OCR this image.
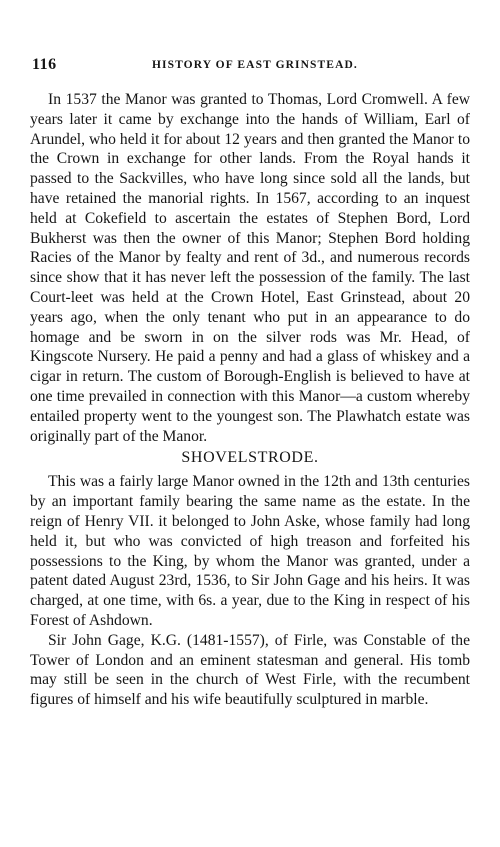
116	HISTORY OF EAST GRINSTEAD.

In 1537 the Manor was granted to Thomas, Lord Cromwell. A few years later it came by exchange into the hands of William, Earl of Arundel, who held it for about 12 years and then granted the Manor to the Crown in exchange for other lands. From the Royal hands it passed to the Sackvilles, who have long since sold all the lands, but have retained the manorial rights. In 1567, according to an inquest held at Cokefield to ascertain the estates of Stephen Bord, Lord Bukherst was then the owner of this Manor; Stephen Bord holding Racies of the Manor by fealty and rent of 3d., and numerous records since show that it has never left the possession of the family. The last Court-leet was held at the Crown Hotel, East Grinstead, about 20 years ago, when the only tenant who put in an appearance to do homage and be sworn in on the silver rods was Mr. Head, of Kingscote Nursery. He paid a penny and had a glass of whiskey and a cigar in return. The custom of Borough-English is believed to have at one time prevailed in connection with this Manor—a custom whereby entailed property went to the youngest son. The Plawhatch estate was originally part of the Manor.

SHOVELSTRODE.

This was a fairly large Manor owned in the 12th and 13th centuries by an important family bearing the same name as the estate. In the reign of Henry VII. it belonged to John Aske, whose family had long held it, but who was convicted of high treason and forfeited his possessions to the King, by whom the Manor was granted, under a patent dated August 23rd, 1536, to Sir John Gage and his heirs. It was charged, at one time, with 6s. a year, due to the King in respect of his Forest of Ashdown.

Sir John Gage, K.G. (1481-1557), of Firle, was Constable of the Tower of London and an eminent statesman and general. His tomb may still be seen in the church of West Firle, with the recumbent figures of himself and his wife beautifully sculptured in marble.
